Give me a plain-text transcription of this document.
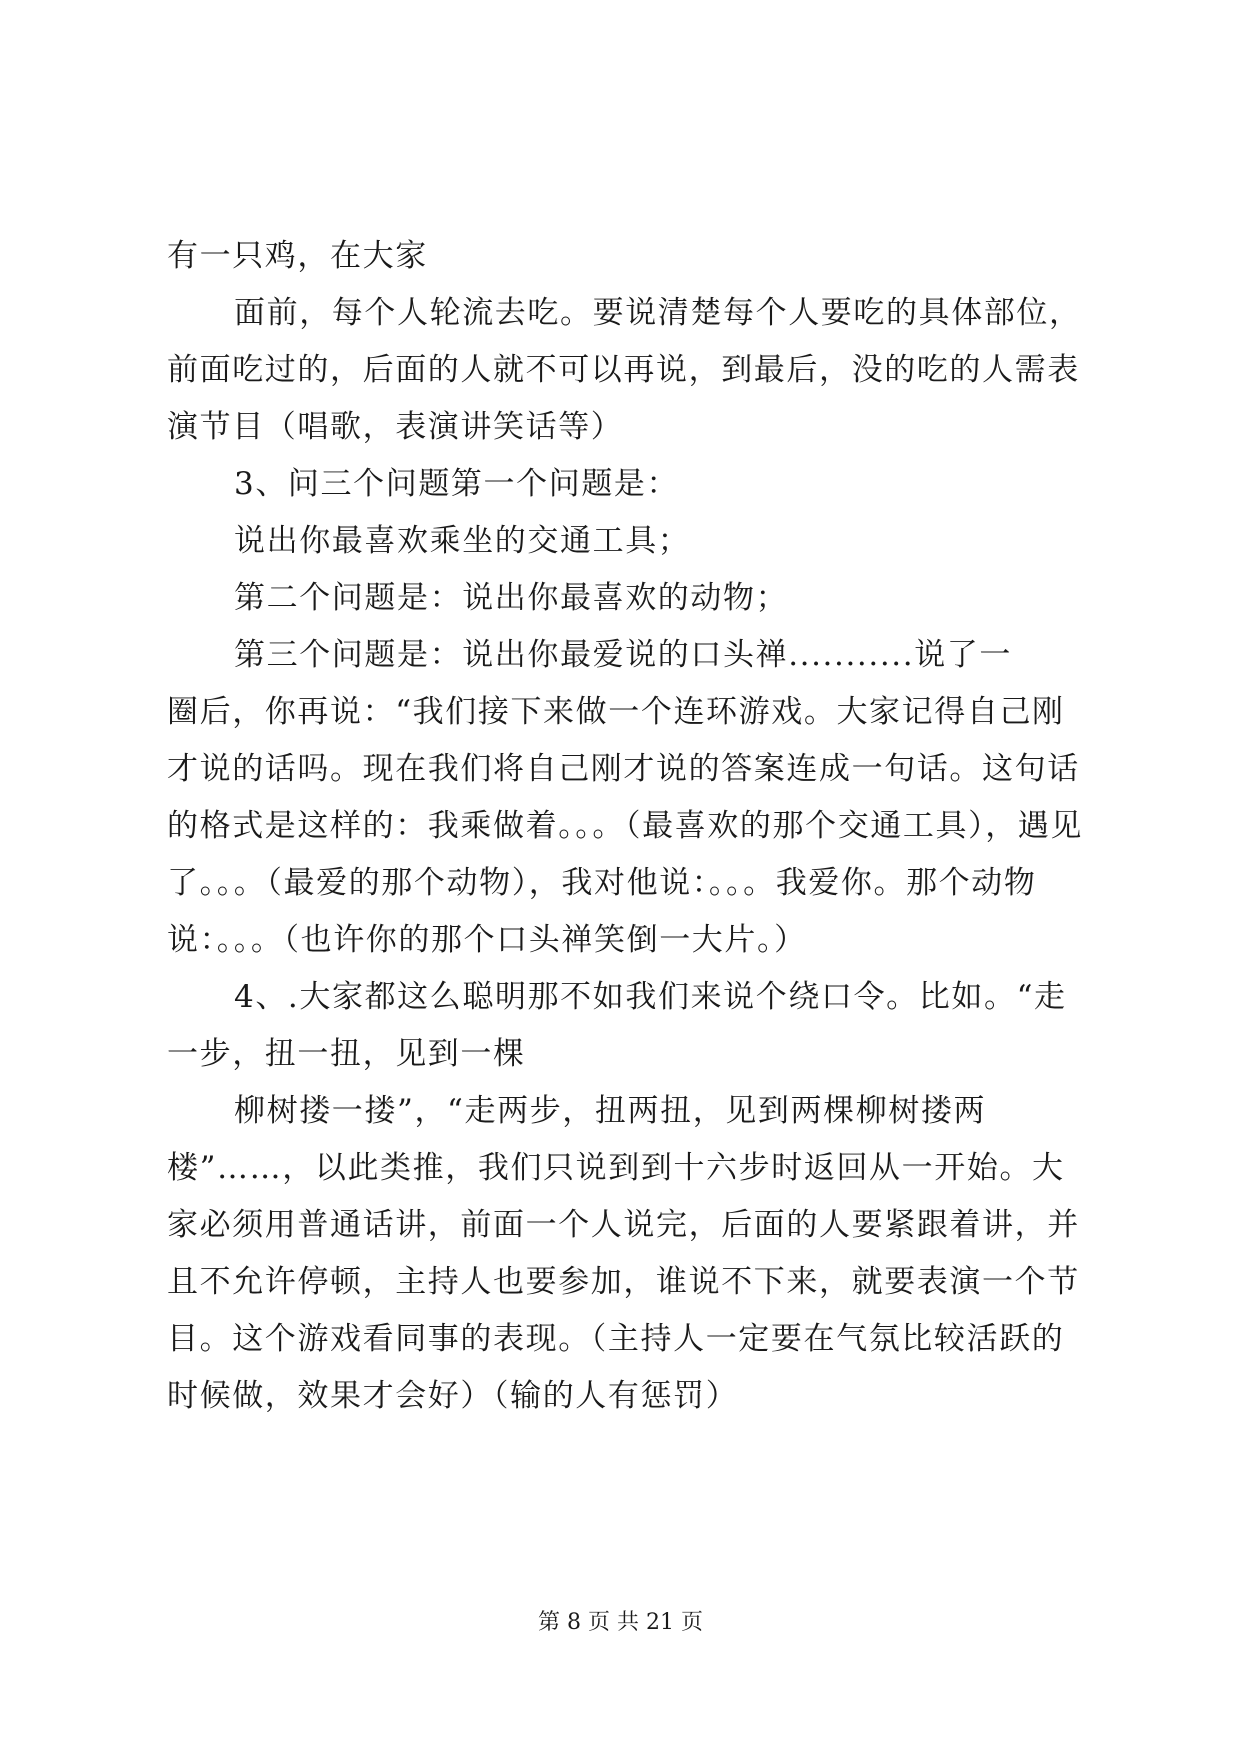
有一只鸡，在大家
面前，每个人轮流去吃。要说清楚每个人要吃的具体部位，
前面吃过的，后面的人就不可以再说，到最后，没的吃的人需表
演节目（唱歌，表演讲笑话等）
3、问三个问题第一个问题是：
说出你最喜欢乘坐的交通工具；
第二个问题是：说出你最喜欢的动物；
第三个问题是：说出你最爱说的口头禅...........说了一
圈后，你再说：“我们接下来做一个连环游戏。大家记得自己刚
才说的话吗。现在我们将自己刚才说的答案连成一句话。这句话
的格式是这样的：我乘做着。。。（最喜欢的那个交通工具），遇见
了。。。（最爱的那个动物），我对他说：。。。我爱你。那个动物
说：。。。（也许你的那个口头禅笑倒一大片。）
4、.大家都这么聪明那不如我们来说个绕口令。比如。“走
一步，扭一扭，见到一棵
柳树搂一搂”，“走两步，扭两扭，见到两棵柳树搂两
楼”……，以此类推，我们只说到到十六步时返回从一开始。大
家必须用普通话讲，前面一个人说完，后面的人要紧跟着讲，并
且不允许停顿，主持人也要参加，谁说不下来，就要表演一个节
目。这个游戏看同事的表现。（主持人一定要在气氛比较活跃的
时候做，效果才会好）（输的人有惩罚）
第 8 页 共 21 页
